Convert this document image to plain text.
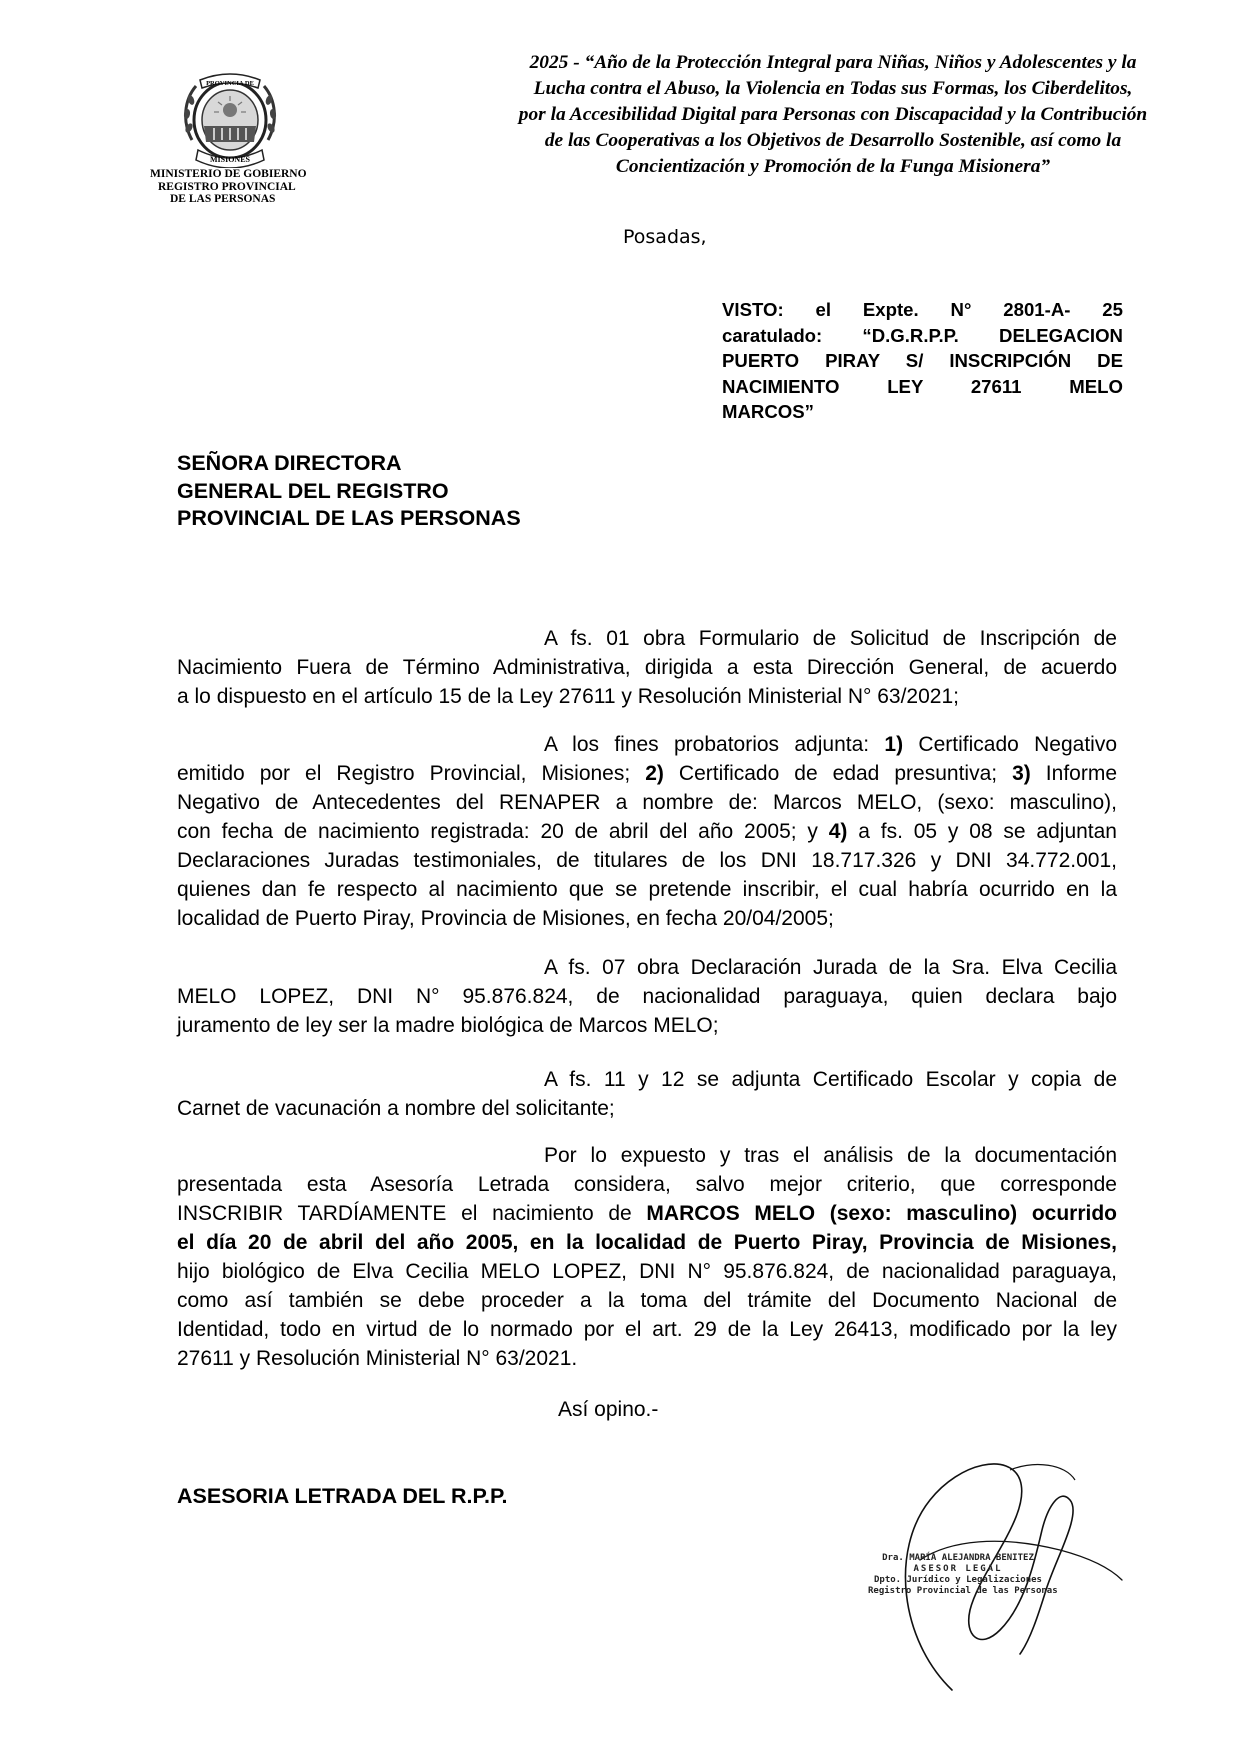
PROVINCIA DE
MISIONES
MINISTERIO DE GOBIERNO
REGISTRO PROVINCIAL
DE LAS PERSONAS
2025 - “Año de la Protección Integral para Niñas, Niños y Adolescentes y la
Lucha contra el Abuso, la Violencia en Todas sus Formas, los Ciberdelitos,
por la Accesibilidad Digital para Personas con Discapacidad y la Contribución
de las Cooperativas a los Objetivos de Desarrollo Sostenible, así como la
Concientización y Promoción de la Funga Misionera”
Posadas,
VISTO: el Expte. N° 2801-A- 25
caratulado: “D.G.R.P.P. DELEGACION
PUERTO PIRAY S/ INSCRIPCIÓN DE
NACIMIENTO LEY 27611 MELO
MARCOS”
SEÑORA DIRECTORA
GENERAL DEL REGISTRO
PROVINCIAL DE LAS PERSONAS
A fs. 01 obra Formulario de Solicitud de Inscripción de
Nacimiento Fuera de Término Administrativa, dirigida a esta Dirección General, de acuerdo
a lo dispuesto en el artículo 15 de la Ley 27611 y Resolución Ministerial N° 63/2021;
A los fines probatorios adjunta: 1) Certificado Negativo
emitido por el Registro Provincial, Misiones; 2) Certificado de edad presuntiva; 3) Informe
Negativo de Antecedentes del RENAPER a nombre de: Marcos MELO, (sexo: masculino),
con fecha de nacimiento registrada: 20 de abril del año 2005; y 4) a fs. 05 y 08 se adjuntan
Declaraciones Juradas testimoniales, de titulares de los DNI 18.717.326 y DNI 34.772.001,
quienes dan fe respecto al nacimiento que se pretende inscribir, el cual habría ocurrido en la
localidad de Puerto Piray, Provincia de Misiones, en fecha 20/04/2005;
A fs. 07 obra Declaración Jurada de la Sra. Elva Cecilia
MELO LOPEZ, DNI N° 95.876.824, de nacionalidad paraguaya, quien declara bajo
juramento de ley ser la madre biológica de Marcos MELO;
A fs. 11 y 12 se adjunta Certificado Escolar y copia de
Carnet de vacunación a nombre del solicitante;
Por lo expuesto y tras el análisis de la documentación
presentada esta Asesoría Letrada considera, salvo mejor criterio, que corresponde
INSCRIBIR TARDÍAMENTE el nacimiento de MARCOS MELO (sexo: masculino) ocurrido
el día 20 de abril del año 2005, en la localidad de Puerto Piray, Provincia de Misiones,
hijo biológico de Elva Cecilia MELO LOPEZ, DNI N° 95.876.824, de nacionalidad paraguaya,
como así también se debe proceder a la toma del trámite del Documento Nacional de
Identidad, todo en virtud de lo normado por el art. 29 de la Ley 26413, modificado por la ley
27611 y Resolución Ministerial N° 63/2021.
Así opino.-
ASESORIA LETRADA DEL R.P.P.
Dra. MARÍA ALEJANDRA BENITEZ
ASESOR LEGAL
Dpto. Jurídico y Legalizaciones
Registro Provincial de las Personas
